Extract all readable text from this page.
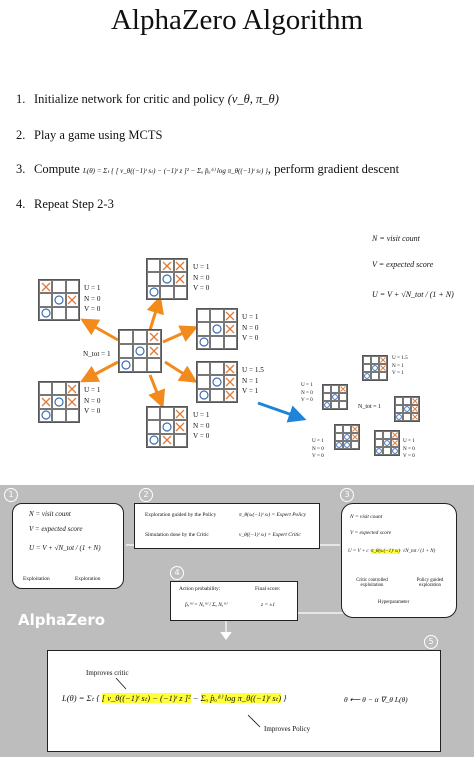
AlphaZero Algorithm
1. Initialize network for critic and policy (v_θ, π_θ)
2. Play a game using MCTS
3. Compute L(θ) = Σₜ { [ v_θ((−1)ᵗ sₜ) − (−1)ᵗ z ]² − Σₐ p̂ₐ⁽ᵗ⁾ log π_θ((−1)ᵗ sₜ) }, perform gradient descent
4. Repeat Step 2-3
N = visit count
V = expected score
U = V + √N_tot / (1 + N)
N_tot = 1
U = 1
N = 0
V = 0
U = 1
N = 0
V = 0
U = 1
N = 0
V = 0
U = 1.5
N = 1
V = 1
U = 1
N = 0
V = 0
U = 1
N = 0
V = 0
U = 1.5
N = 1
V = 1
U = 1
N = 0
V = 0
N_tot = 1
U = 1
N = 0
V = 0
U = 1
N = 0
V = 0
1	2	3
4
5
N = visit count
V = expected score
U = V + √N_tot / (1 + N)
Exploitation	Exploration
Exploration guided by the Policy	π_θ(sₜ(−1)ᵗ sₜ) = Expert Policy
Simulation done by the Critic	v_θ((−1)ᵗ sₜ) = Expert Critic
N = visit count
V = expected score
U = V + c ·π_θ(sₜ(−1)ᵗ sₜ)· √N_tot / (1 + N)
Critic controlled exploitation
Policy guided exploration
Hyperparameter
AlphaZero
Action probability:	Final score:
p̂ₐ⁽ᵗ⁾ = Nₐ⁽ᵗ⁾ / Σₐ Nₐ⁽ᵗ⁾	z = ±1
Improves critic
L(θ) = Σₜ { [ v_θ((−1)ᵗ sₜ) − (−1)ᵗ z ]² − Σₐ p̂ₐ⁽ᵗ⁾ log π_θ((−1)ᵗ sₜ) }	θ ⟵ θ − α ∇_θ L(θ)
Improves Policy
